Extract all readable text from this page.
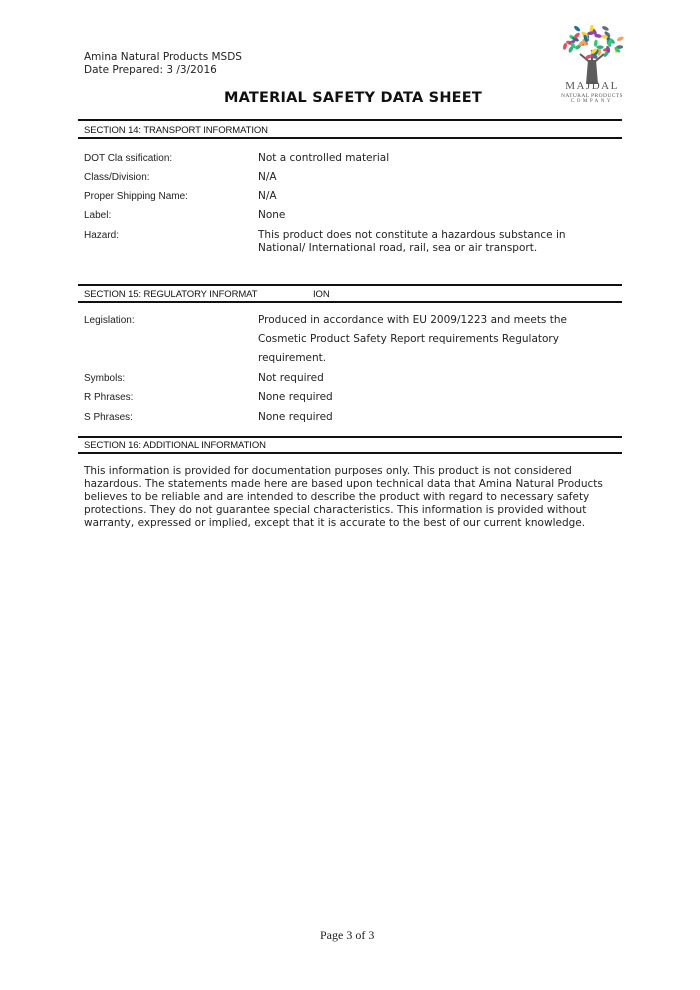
Amina Natural Products MSDS
Date Prepared: 3 /3/2016
MATERIAL SAFETY DATA SHEET
MAJDAL
NATURAL PRODUCTS
COMPANY
SECTION 14: TRANSPORT INFORMATION
DOT Cla ssification:	Not a controlled material
Class/Division:	N/A
Proper Shipping Name:	N/A
Label:	None
Hazard:	This product does not constitute a hazardous substance in
National/ International road, rail, sea or air transport.
SECTION 15: REGULATORY INFORMAT	ION
Legislation:	Produced in accordance with EU 2009/1223 and meets the
Cosmetic Product Safety Report requirements Regulatory
requirement.
Symbols:	Not required
R Phrases:	None required
S Phrases:	None required
SECTION 16: ADDITIONAL INFORMATION
This information is provided for documentation purposes only. This product is not considered
hazardous. The statements made here are based upon technical data that Amina Natural Products
believes to be reliable and are intended to describe the product with regard to necessary safety
protections. They do not guarantee special characteristics. This information is provided without
warranty, expressed or implied, except that it is accurate to the best of our current knowledge.
Page 3 of 3
